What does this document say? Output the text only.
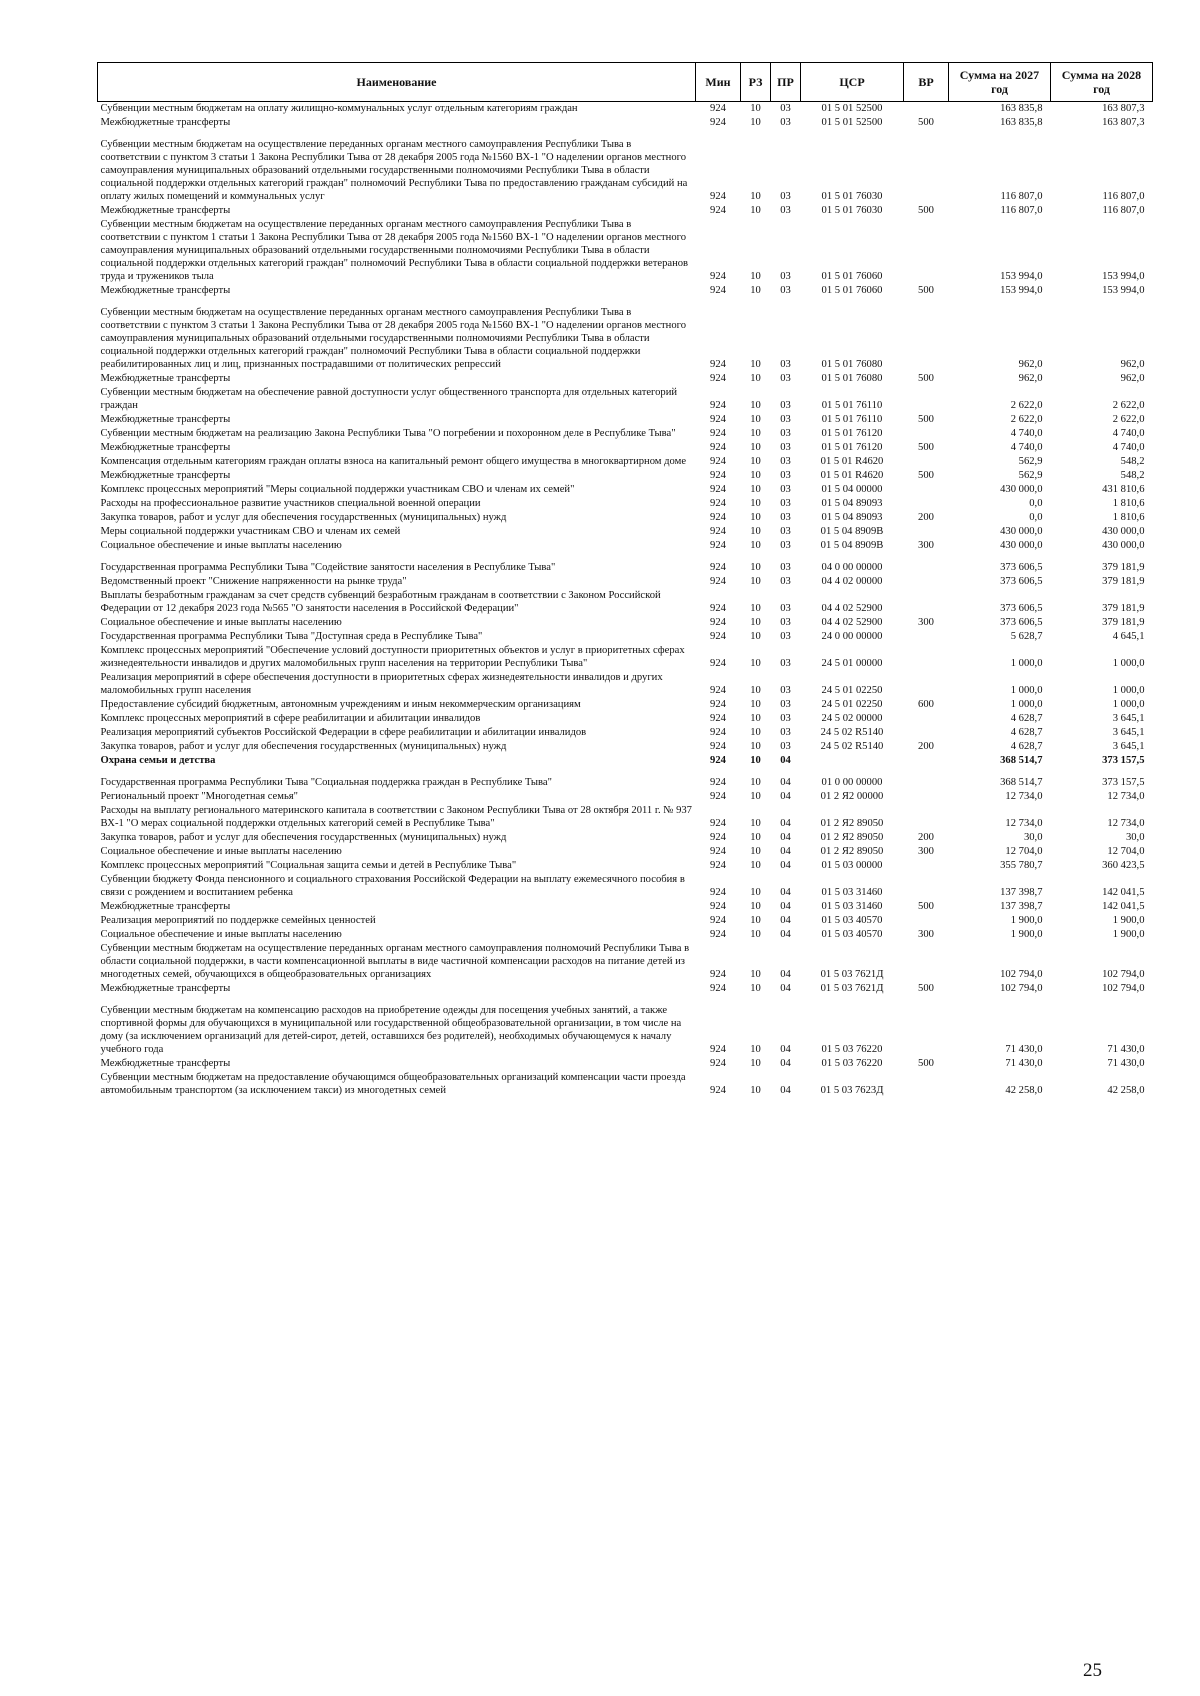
Наименование	Мин	РЗ	ПР	ЦСР	ВР	Сумма на 2027 год	Сумма на 2028 год
Субвенции местным бюджетам на оплату жилищно-коммунальных услуг отдельным категориям граждан	924	10	03	01 5 01 52500		163 835,8	163 807,3
Межбюджетные трансферты	924	10	03	01 5 01 52500	500	163 835,8	163 807,3
Субвенции местным бюджетам на осуществление переданных органам местного самоуправления Республики Тыва в соответствии с пунктом 3 статьи 1 Закона Республики Тыва от 28 декабря 2005 года №1560 ВХ-1 "О наделении органов местного самоуправления муниципальных образований отдельными государственными полномочиями Республики Тыва в области социальной поддержки отдельных категорий граждан" полномочий Республики Тыва по предоставлению гражданам субсидий на оплату жилых помещений и коммунальных услуг	924	10	03	01 5 01 76030		116 807,0	116 807,0
Межбюджетные трансферты	924	10	03	01 5 01 76030	500	116 807,0	116 807,0
Субвенции местным бюджетам на осуществление переданных органам местного самоуправления Республики Тыва в соответствии с пунктом 1 статьи 1 Закона Республики Тыва от 28 декабря 2005 года №1560 ВХ-1 "О наделении органов местного самоуправления муниципальных образований отдельными государственными полномочиями Республики Тыва в области социальной поддержки отдельных категорий граждан" полномочий Республики Тыва в области социальной поддержки ветеранов труда и тружеников тыла	924	10	03	01 5 01 76060		153 994,0	153 994,0
Межбюджетные трансферты	924	10	03	01 5 01 76060	500	153 994,0	153 994,0
Субвенции местным бюджетам на осуществление переданных органам местного самоуправления Республики Тыва в соответствии с пунктом 3 статьи 1 Закона Республики Тыва от 28 декабря 2005 года №1560 ВХ-1 "О наделении органов местного самоуправления муниципальных образований отдельными государственными полномочиями Республики Тыва в области социальной поддержки отдельных категорий граждан" полномочий Республики Тыва в области социальной поддержки реабилитированных лиц и лиц, признанных пострадавшими от политических репрессий	924	10	03	01 5 01 76080		962,0	962,0
Межбюджетные трансферты	924	10	03	01 5 01 76080	500	962,0	962,0
Субвенции местным бюджетам на обеспечение равной доступности услуг общественного транспорта для отдельных категорий граждан	924	10	03	01 5 01 76110		2 622,0	2 622,0
Межбюджетные трансферты	924	10	03	01 5 01 76110	500	2 622,0	2 622,0
Субвенции местным бюджетам на реализацию Закона Республики Тыва "О погребении и похоронном деле в Республике Тыва"	924	10	03	01 5 01 76120		4 740,0	4 740,0
Межбюджетные трансферты	924	10	03	01 5 01 76120	500	4 740,0	4 740,0
Компенсация отдельным категориям граждан оплаты взноса на капитальный ремонт общего имущества в многоквартирном доме	924	10	03	01 5 01 R4620		562,9	548,2
Межбюджетные трансферты	924	10	03	01 5 01 R4620	500	562,9	548,2
Комплекс процессных мероприятий "Меры социальной поддержки участникам СВО и членам их семей"	924	10	03	01 5 04 00000		430 000,0	431 810,6
Расходы на профессиональное развитие участников специальной военной операции	924	10	03	01 5 04 89093		0,0	1 810,6
Закупка товаров, работ и услуг для обеспечения государственных (муниципальных) нужд	924	10	03	01 5 04 89093	200	0,0	1 810,6
Меры социальной поддержки участникам СВО и членам их семей	924	10	03	01 5 04 8909В		430 000,0	430 000,0
Социальное обеспечение и иные выплаты населению	924	10	03	01 5 04 8909В	300	430 000,0	430 000,0
Государственная программа Республики Тыва "Содействие занятости населения в Республике Тыва"	924	10	03	04 0 00 00000		373 606,5	379 181,9
Ведомственный проект "Снижение напряженности на рынке труда"	924	10	03	04 4 02 00000		373 606,5	379 181,9
Выплаты безработным гражданам за счет средств субвенций безработным гражданам в соответствии с Законом Российской Федерации от 12 декабря 2023 года №565 "О занятости населения в Российской Федерации"	924	10	03	04 4 02 52900		373 606,5	379 181,9
Социальное обеспечение и иные выплаты населению	924	10	03	04 4 02 52900	300	373 606,5	379 181,9
Государственная программа Республики Тыва "Доступная среда в Республике Тыва"	924	10	03	24 0 00 00000		5 628,7	4 645,1
Комплекс процессных мероприятий "Обеспечение условий доступности приоритетных объектов и услуг в приоритетных сферах жизнедеятельности инвалидов и других маломобильных групп населения на территории Республики Тыва"	924	10	03	24 5 01 00000		1 000,0	1 000,0
Реализация мероприятий в сфере обеспечения доступности в приоритетных сферах жизнедеятельности инвалидов и других маломобильных групп населения	924	10	03	24 5 01 02250		1 000,0	1 000,0
Предоставление субсидий бюджетным, автономным учреждениям и иным некоммерческим организациям	924	10	03	24 5 01 02250	600	1 000,0	1 000,0
Комплекс процессных мероприятий в сфере реабилитации и абилитации инвалидов	924	10	03	24 5 02 00000		4 628,7	3 645,1
Реализация мероприятий субъектов Российской Федерации в сфере реабилитации и абилитации инвалидов	924	10	03	24 5 02 R5140		4 628,7	3 645,1
Закупка товаров, работ и услуг для обеспечения государственных (муниципальных) нужд	924	10	03	24 5 02 R5140	200	4 628,7	3 645,1
Охрана семьи и детства	924	10	04			368 514,7	373 157,5
Государственная программа Республики Тыва "Социальная поддержка граждан в Республике Тыва"	924	10	04	01 0 00 00000		368 514,7	373 157,5
Региональный проект "Многодетная семья"	924	10	04	01 2 Я2 00000		12 734,0	12 734,0
Расходы на выплату регионального материнского капитала в соответствии с Законом Республики Тыва от 28 октября 2011 г. № 937 ВХ-1 "О мерах социальной поддержки отдельных категорий семей в Республике Тыва"	924	10	04	01 2 Я2 89050		12 734,0	12 734,0
Закупка товаров, работ и услуг для обеспечения государственных (муниципальных) нужд	924	10	04	01 2 Я2 89050	200	30,0	30,0
Социальное обеспечение и иные выплаты населению	924	10	04	01 2 Я2 89050	300	12 704,0	12 704,0
Комплекс процессных мероприятий "Социальная защита семьи и детей в Республике Тыва"	924	10	04	01 5 03 00000		355 780,7	360 423,5
Субвенции бюджету Фонда пенсионного и социального страхования Российской Федерации на выплату ежемесячного пособия в связи с рождением и воспитанием ребенка	924	10	04	01 5 03 31460		137 398,7	142 041,5
Межбюджетные трансферты	924	10	04	01 5 03 31460	500	137 398,7	142 041,5
Реализация мероприятий по поддержке семейных ценностей	924	10	04	01 5 03 40570		1 900,0	1 900,0
Социальное обеспечение и иные выплаты населению	924	10	04	01 5 03 40570	300	1 900,0	1 900,0
Субвенции местным бюджетам на осуществление переданных органам местного самоуправления полномочий Республики Тыва в области социальной поддержки, в части компенсационной выплаты в виде частичной компенсации расходов на питание детей из многодетных семей, обучающихся в общеобразовательных организациях	924	10	04	01 5 03 7621Д		102 794,0	102 794,0
Межбюджетные трансферты	924	10	04	01 5 03 7621Д	500	102 794,0	102 794,0
Субвенции местным бюджетам на компенсацию расходов на приобретение одежды для посещения учебных занятий, а также спортивной формы для обучающихся в муниципальной или государственной общеобразовательной организации, в том числе на дому (за исключением организаций для детей-сирот, детей, оставшихся без родителей), необходимых обучающемуся к началу учебного года	924	10	04	01 5 03 76220		71 430,0	71 430,0
Межбюджетные трансферты	924	10	04	01 5 03 76220	500	71 430,0	71 430,0
Субвенции местным бюджетам на предоставление обучающимся общеобразовательных организаций компенсации части проезда автомобильным транспортом (за исключением такси) из многодетных семей	924	10	04	01 5 03 7623Д		42 258,0	42 258,0
25
